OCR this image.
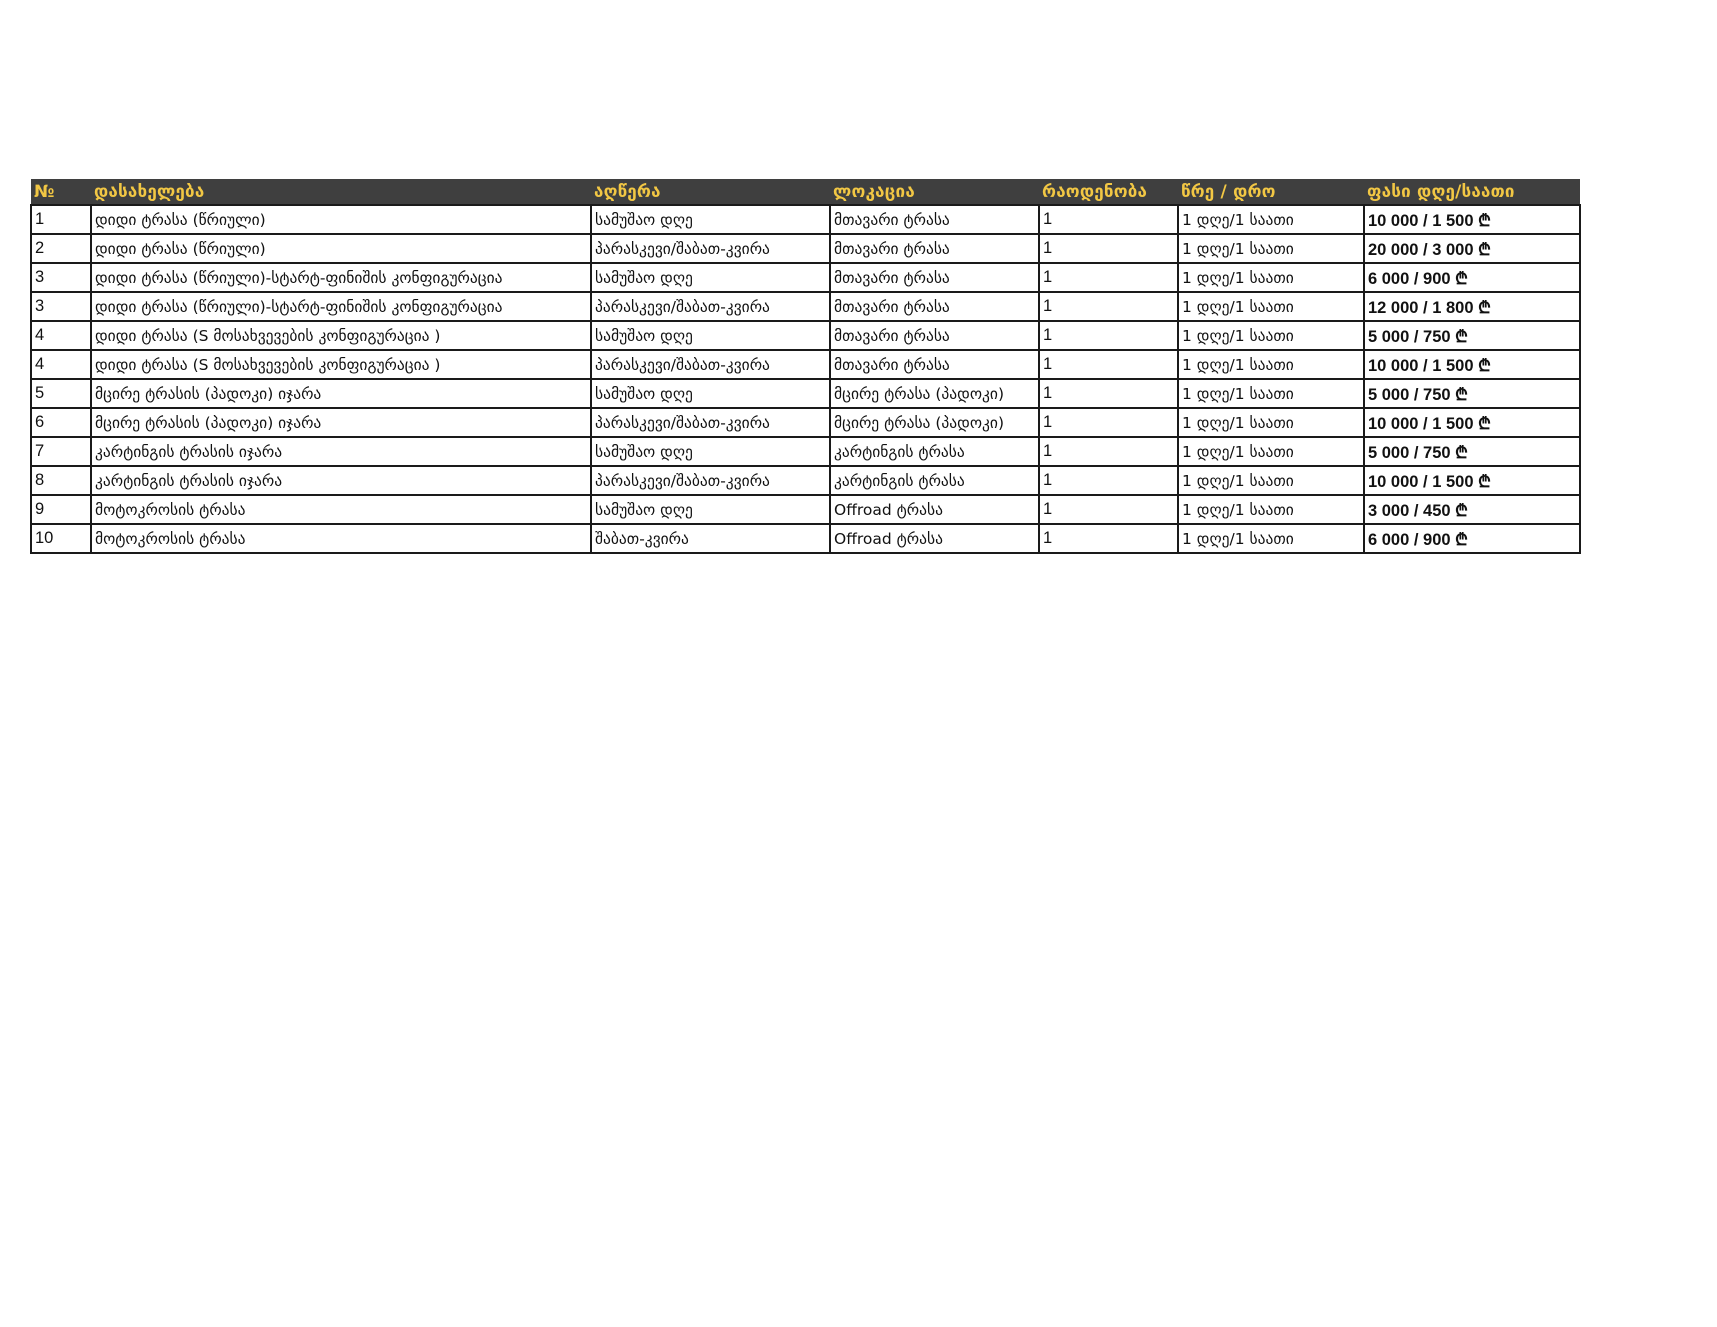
№	დასახელება	აღწერა	ლოკაცია	რაოდენობა	წრე / დრო	ფასი დღე/საათი
1	დიდი ტრასა (წრიული)	სამუშაო დღე	მთავარი ტრასა	1	1 დღე/1 საათი	10 000 / 1 500 ₾
2	დიდი ტრასა (წრიული)	პარასკევი/შაბათ-კვირა	მთავარი ტრასა	1	1 დღე/1 საათი	20 000 / 3 000 ₾
3	დიდი ტრასა (წრიული)-სტარტ-ფინიშის კონფიგურაცია	სამუშაო დღე	მთავარი ტრასა	1	1 დღე/1 საათი	6 000 / 900 ₾
3	დიდი ტრასა (წრიული)-სტარტ-ფინიშის კონფიგურაცია	პარასკევი/შაბათ-კვირა	მთავარი ტრასა	1	1 დღე/1 საათი	12 000 / 1 800 ₾
4	დიდი ტრასა (S მოსახვევების კონფიგურაცია )	სამუშაო დღე	მთავარი ტრასა	1	1 დღე/1 საათი	5 000 / 750 ₾
4	დიდი ტრასა (S მოსახვევების კონფიგურაცია )	პარასკევი/შაბათ-კვირა	მთავარი ტრასა	1	1 დღე/1 საათი	10 000 / 1 500 ₾
5	მცირე ტრასის (პადოკი) იჯარა	სამუშაო დღე	მცირე ტრასა (პადოკი)	1	1 დღე/1 საათი	5 000 / 750 ₾
6	მცირე ტრასის (პადოკი) იჯარა	პარასკევი/შაბათ-კვირა	მცირე ტრასა (პადოკი)	1	1 დღე/1 საათი	10 000 / 1 500 ₾
7	კარტინგის ტრასის იჯარა	სამუშაო დღე	კარტინგის ტრასა	1	1 დღე/1 საათი	5 000 / 750 ₾
8	კარტინგის ტრასის იჯარა	პარასკევი/შაბათ-კვირა	კარტინგის ტრასა	1	1 დღე/1 საათი	10 000 / 1 500 ₾
9	მოტოკროსის ტრასა	სამუშაო დღე	Offroad ტრასა	1	1 დღე/1 საათი	3 000 / 450 ₾
10	მოტოკროსის ტრასა	შაბათ-კვირა	Offroad ტრასა	1	1 დღე/1 საათი	6 000 / 900 ₾
